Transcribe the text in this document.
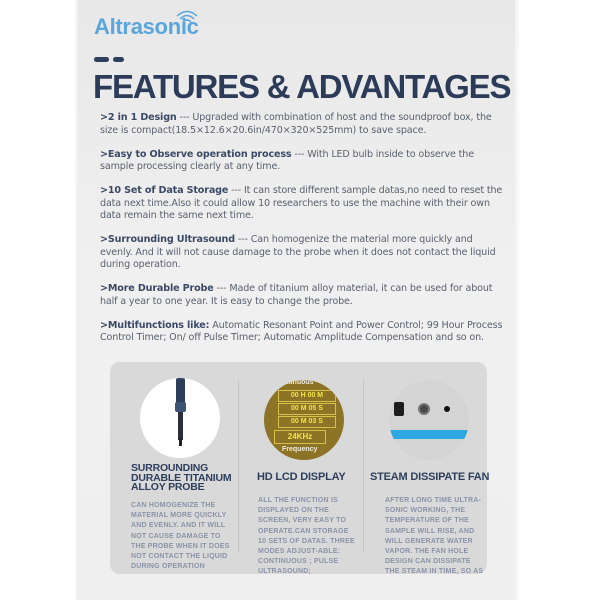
Altrasonic
FEATURES & ADVANTAGES

>2 in 1 Design --- Upgraded with combination of host and the soundproof box, the size is compact(18.5×12.6×20.6in/470×320×525mm) to save space.

>Easy to Observe operation process --- With LED bulb inside to observe the sample processing clearly at any time.

>10 Set of Data Storage --- It can store different sample datas,no need to reset the data next time.Also it could allow 10 researchers to use the machine with their own data remain the same next time.

>Surrounding Ultrasound --- Can homogenize the material more quickly and evenly. And it will not cause damage to the probe when it does not contact the liquid during operation.

>More Durable Probe --- Made of titanium alloy material, it can be used for about half a year to one year. It is easy to change the probe.

>Multifunctions like: Automatic Resonant Point and Power Control; 99 Hour Process Control Timer; On/ off Pulse Timer; Automatic Amplitude Compensation and so on.

SURROUNDING DURABLE TITANIUM ALLOY PROBE
CAN HOMOGENIZE THE MATERIAL MORE QUICKLY AND EVENLY. AND IT WILL NOT CAUSE DAMAGE TO THE PROBE WHEN IT DOES NOT CONTACT THE LIQUID DURING OPERATION
ntinuous
00 H 00 M
00 M 05 S
00 M 03 S
24KHz
Frequency
HD LCD DISPLAY
ALL THE FUNCTION IS DISPLAYED ON THE SCREEN, VERY EASY TO OPERATE.CAN STORAGE 10 SETS OF DATAS. THREE MODES ADJUST-ABLE: CONTINUOUS ; PULSE ULTRASOUND;
STEAM DISSIPATE FAN
AFTER LONG TIME ULTRA-SONIC WORKING, THE TEMPERATURE OF THE SAMPLE WILL RISE, AND WILL GENERATE WATER VAPOR. THE FAN HOLE DESIGN CAN DISSIPATE THE STEAM IN TIME, SO AS
